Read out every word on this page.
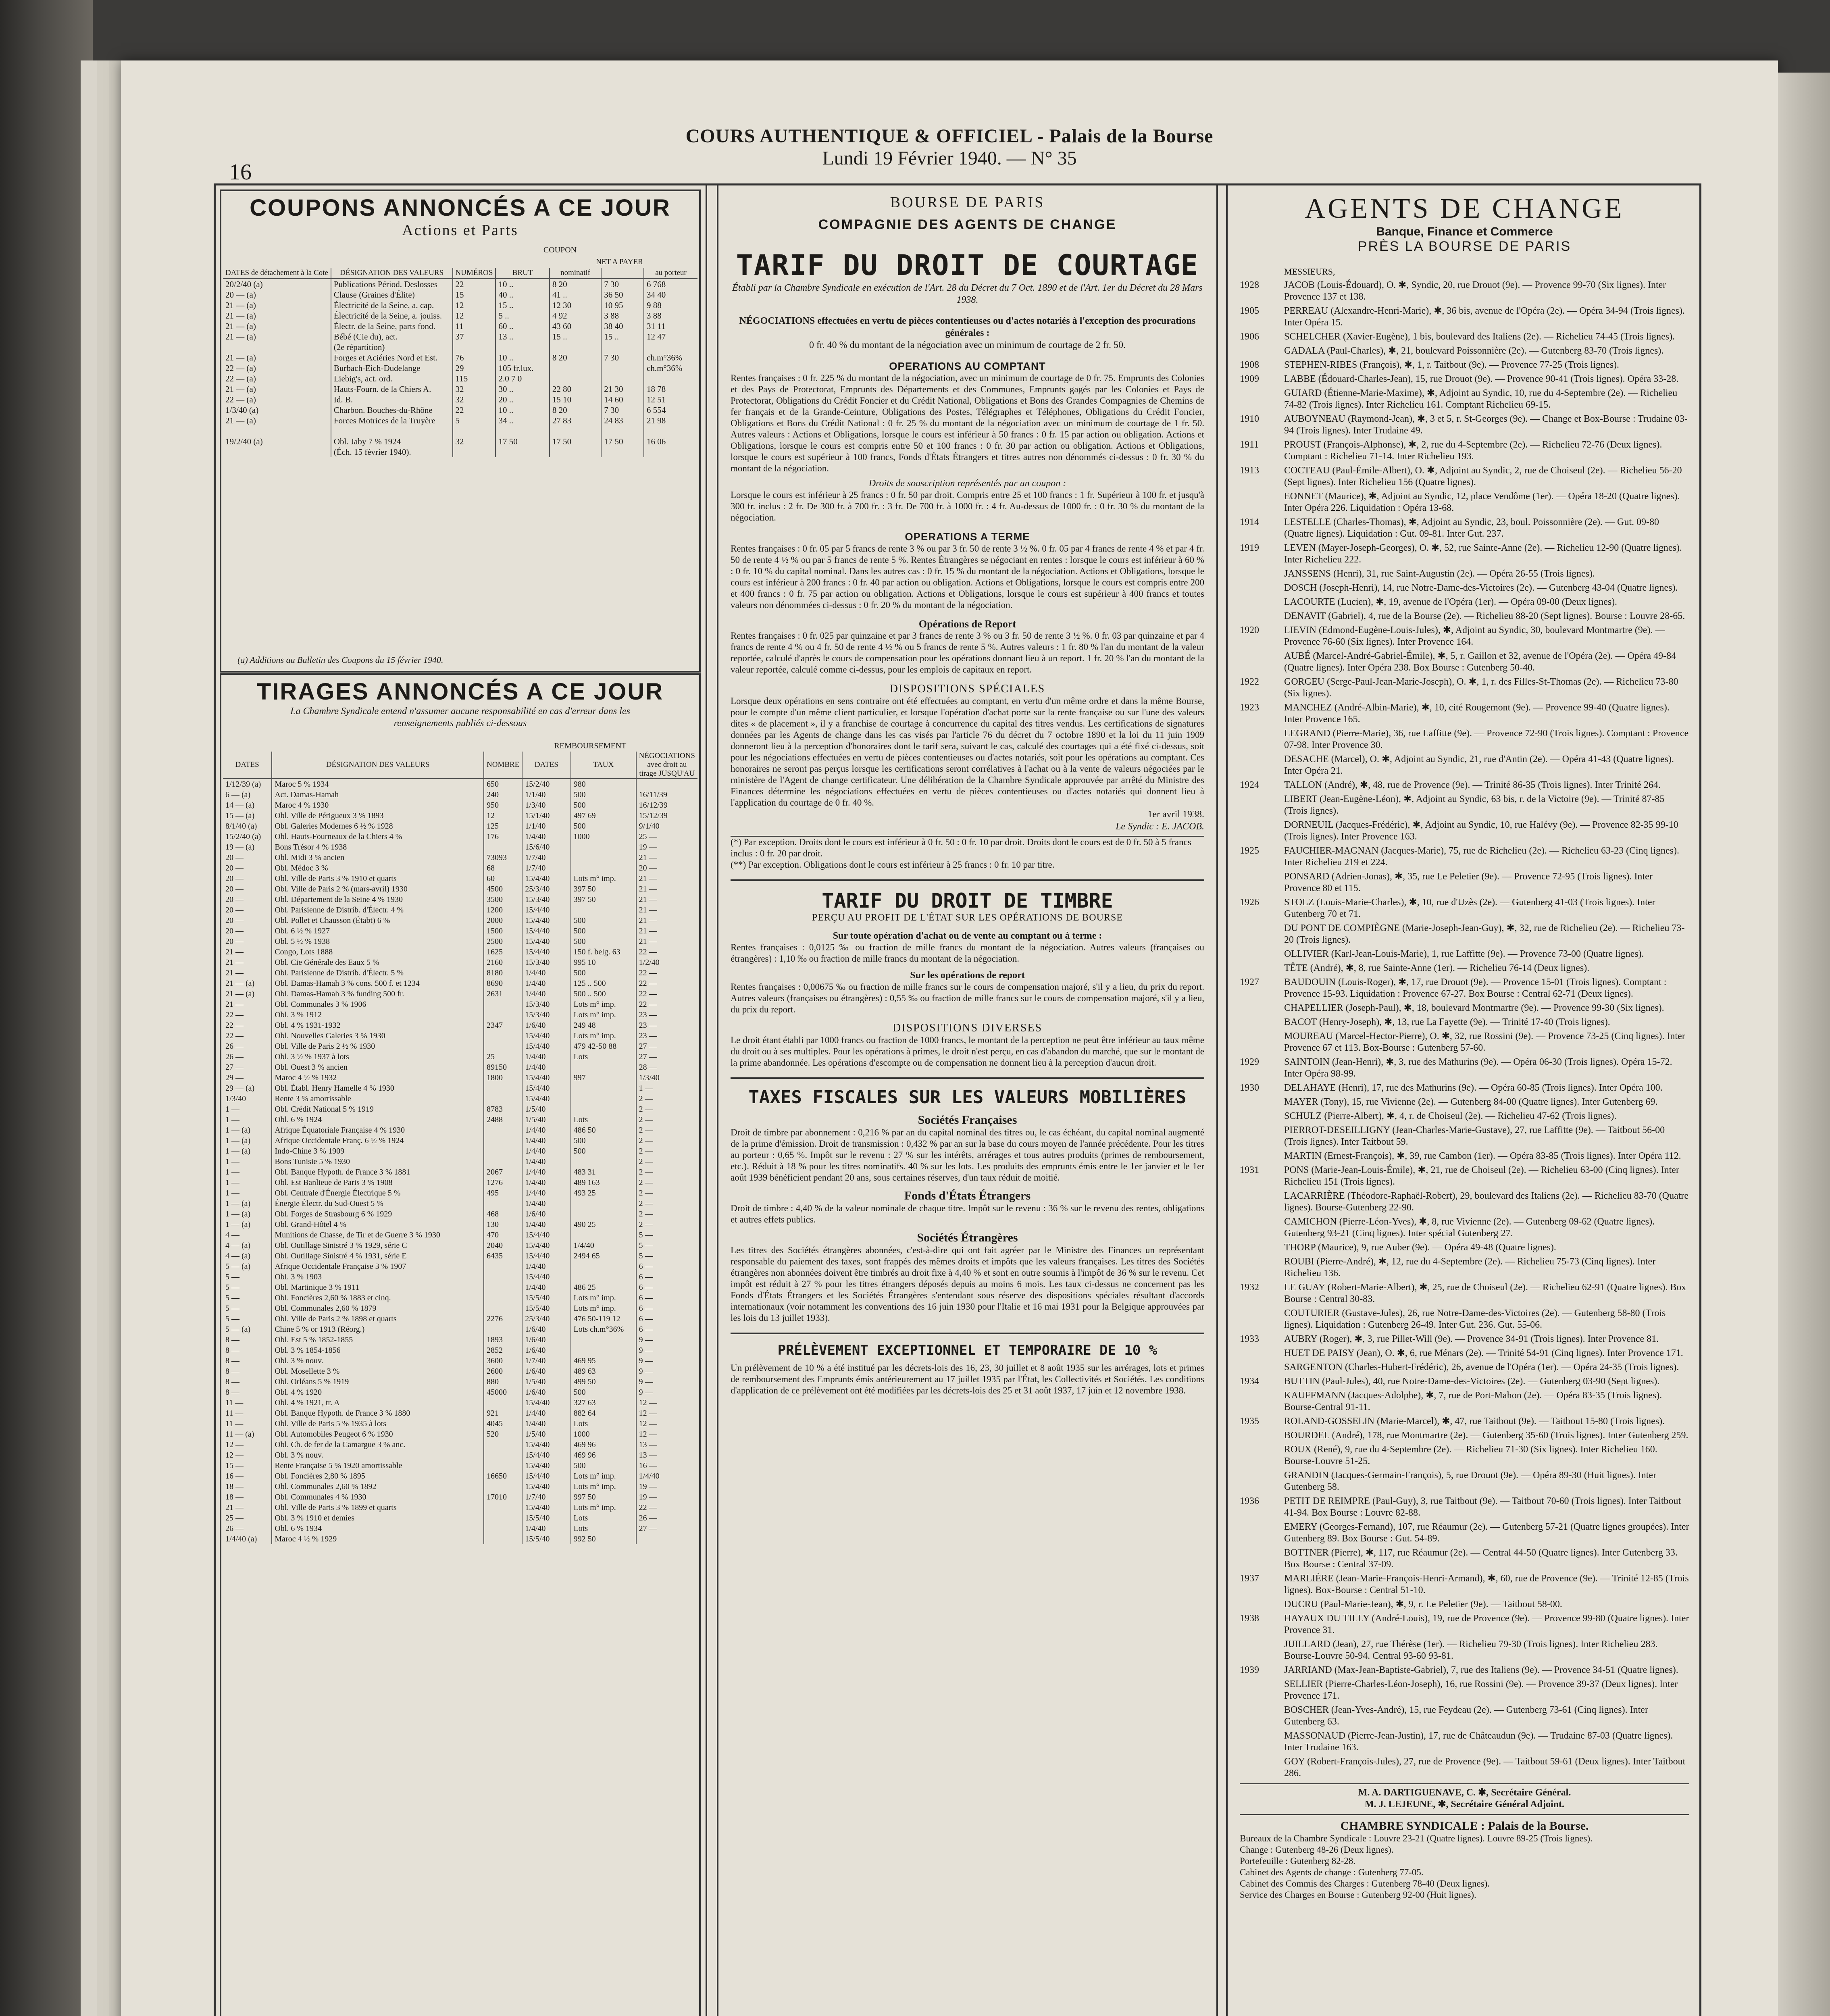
COURS AUTHENTIQUE & OFFICIEL - Palais de la Bourse
Lundi 19 Février 1940. — N° 35
16
COUPONS ANNONCÉS A CE JOUR
Actions et Parts
COUPON
NET A PAYER
DATES de détachement à la Cote	DÉSIGNATION DES VALEURS	NUMÉROS	BRUT	nominatif		au porteur
20/2/40 (a)	Publications Périod. Deslosses	22	10 ..	8 20	7 30	6 768
20 — (a)	Clause (Graines d'Élite)	15	40 ..	41 ..	36 50	34 40
21 — (a)	Électricité de la Seine, a. cap.	12	15 ..	12 30	10 95	9 88
21 — (a)	Électricité de la Seine, a. jouiss.	12	5 ..	4 92	3 88	3 88
21 — (a)	Électr. de la Seine, parts fond.	11	60 ..	43 60	38 40	31 11
21 — (a)	Bébé (Cie du), act.	37	13 ..	15 ..	15 ..	12 47
	(2e répartition)					
21 — (a)	Forges et Aciéries Nord et Est.	76	10 ..	8 20	7 30	ch.m°36%
22 — (a)	Burbach-Eich-Dudelange	29	105 fr.lux.			ch.m°36%
22 — (a)	Liebig's, act. ord.	115	2.0 7 0			
21 — (a)	Hauts-Fourn. de la Chiers A.	32	30 ..	22 80	21 30	18 78
22 — (a)	Id. B.	32	20 ..	15 10	14 60	12 51
1/3/40 (a)	Charbon. Bouches-du-Rhône	22	10 ..	8 20	7 30	6 554
21 — (a)	Forces Motrices de la Truyère	5	34 ..	27 83	24 83	21 98

19/2/40 (a)	Obl. Jaby 7 % 1924	32	17 50	17 50	17 50	16 06
	(Éch. 15 février 1940).					
(a) Additions au Bulletin des Coupons du 15 février 1940.
TIRAGES ANNONCÉS A CE JOUR
La Chambre Syndicale entend n'assumer aucune responsabilité en cas d'erreur dans les renseignements publiés ci-dessous
REMBOURSEMENT
DATES	DÉSIGNATION DES VALEURS	NOMBRE	DATES	TAUX	NÉGOCIATIONS avec droit au tirage JUSQU'AU
1/12/39 (a)	Maroc 5 % 1934	650	15/2/40	980	
6 — (a)	Act. Damas-Hamah	240	1/1/40	500	16/11/39
14 — (a)	Maroc 4 % 1930	950	1/3/40	500	16/12/39
15 — (a)	Obl. Ville de Périgueux 3 % 1893	12	15/1/40	497 69	15/12/39
8/1/40 (a)	Obl. Galeries Modernes 6 ½ % 1928	125	1/1/40	500	9/1/40
15/2/40 (a)	Obl. Hauts-Fourneaux de la Chiers 4 %	176	1/4/40	1000	25 —
19 — (a)	Bons Trésor 4 % 1938		15/6/40		19 —
20 —	Obl. Midi 3 % ancien	73093	1/7/40		21 —
20 —	Obl. Médoc 3 %	68	1/7/40		20 —
20 —	Obl. Ville de Paris 3 % 1910 et quarts	60	15/4/40	Lots m° imp.	21 —
20 —	Obl. Ville de Paris 2 % (mars-avril) 1930	4500	25/3/40	397 50	21 —
20 —	Obl. Département de la Seine 4 % 1930	3500	15/3/40	397 50	21 —
20 —	Obl. Parisienne de Distrib. d'Électr. 4 %	1200	15/4/40		21 —
20 —	Obl. Pollet et Chausson (Étabt) 6 %	2000	15/4/40	500	21 —
20 —	Obl. 6 ½ % 1927	1500	15/4/40	500	21 —
20 —	Obl. 5 ½ % 1938	2500	15/4/40	500	21 —
21 —	Congo, Lots 1888	1625	15/4/40	150 f. belg. 63	22 —
21 —	Obl. Cie Générale des Eaux 5 %	2160	15/3/40	995 10	1/2/40
21 —	Obl. Parisienne de Distrib. d'Électr. 5 %	8180	1/4/40	500	22 —
21 — (a)	Obl. Damas-Hamah 3 % cons. 500 f. et 1234	8690	1/4/40	125 .. 500	22 —
21 — (a)	Obl. Damas-Hamah 3 % funding 500 fr.	2631	1/4/40	500 .. 500	22 —
21 —	Obl. Communales 3 % 1906		15/3/40	Lots m° imp.	22 —
22 —	Obl. 3 % 1912		15/3/40	Lots m° imp.	23 —
22 —	Obl. 4 % 1931-1932	2347	1/6/40	249 48	23 —
22 —	Obl. Nouvelles Galeries 3 % 1930		15/4/40	Lots m° imp.	23 —
26 —	Obl. Ville de Paris 2 ½ % 1930		15/4/40	479 42-50 88	27 —
26 —	Obl. 3 ½ % 1937 à lots	25	1/4/40	Lots	27 —
27 —	Obl. Ouest 3 % ancien	89150	1/4/40		28 —
29 —	Maroc 4 ½ % 1932	1800	15/4/40	997	1/3/40
29 — (a)	Obl. Établ. Henry Hamelle 4 % 1930		15/4/40		1 —
1/3/40	Rente 3 % amortissable		15/4/40		2 —
1 —	Obl. Crédit National 5 % 1919	8783	1/5/40		2 —
1 —	Obl. 6 % 1924	2488	1/5/40	Lots	2 —
1 — (a)	Afrique Équatoriale Française 4 % 1930		1/4/40	486 50	2 —
1 — (a)	Afrique Occidentale Franç. 6 ½ % 1924		1/4/40	500	2 —
1 — (a)	Indo-Chine 3 % 1909		1/4/40	500	2 —
1 —	Bons Tunisie 5 % 1930		1/4/40		2 —
1 —	Obl. Banque Hypoth. de France 3 % 1881	2067	1/4/40	483 31	2 —
1 —	Obl. Est Banlieue de Paris 3 % 1908	1276	1/4/40	489 163	2 —
1 —	Obl. Centrale d'Énergie Électrique 5 %	495	1/4/40	493 25	2 —
1 — (a)	Énergie Électr. du Sud-Ouest 5 %		1/4/40		2 —
1 — (a)	Obl. Forges de Strasbourg 6 % 1929	468	1/6/40		2 —
1 — (a)	Obl. Grand-Hôtel 4 %	130	1/4/40	490 25	2 —
4 —	Munitions de Chasse, de Tir et de Guerre 3 % 1930	470	15/4/40		5 —
4 — (a)	Obl. Outillage Sinistré 3 % 1929, série C	2040	15/4/40	1/4/40	5 —
4 — (a)	Obl. Outillage Sinistré 4 % 1931, série E	6435	15/4/40	2494 65	5 —
5 — (a)	Afrique Occidentale Française 3 % 1907		1/4/40		6 —
5 —	Obl. 3 % 1903		15/4/40		6 —
5 —	Obl. Martinique 3 % 1911		1/4/40	486 25	6 —
5 —	Obl. Foncières 2,60 % 1883 et cinq.		15/5/40	Lots m° imp.	6 —
5 —	Obl. Communales 2,60 % 1879		15/5/40	Lots m° imp.	6 —
5 —	Obl. Ville de Paris 2 % 1898 et quarts	2276	25/3/40	476 50-119 12	6 —
5 — (a)	Chine 5 % or 1913 (Réorg.)		1/6/40	Lots ch.m°36%	6 —
8 —	Obl. Est 5 % 1852-1855	1893	1/6/40		9 —
8 —	Obl. 3 % 1854-1856	2852	1/6/40		9 —
8 —	Obl. 3 % nouv.	3600	1/7/40	469 95	9 —
8 —	Obl. Mosellette 3 %	2600	1/6/40	489 63	9 —
8 —	Obl. Orléans 5 % 1919	880	1/5/40	499 50	9 —
8 —	Obl. 4 % 1920	45000	1/6/40	500	9 —
11 —	Obl. 4 % 1921, tr. A		15/4/40	327 63	12 —
11 —	Obl. Banque Hypoth. de France 3 % 1880	921	1/4/40	882 64	12 —
11 —	Obl. Ville de Paris 5 % 1935 à lots	4045	1/4/40	Lots	12 —
11 — (a)	Obl. Automobiles Peugeot 6 % 1930	520	1/5/40	1000	12 —
12 —	Obl. Ch. de fer de la Camargue 3 % anc.		15/4/40	469 96	13 —
12 —	Obl. 3 % nouv.		15/4/40	469 96	13 —
15 —	Rente Française 5 % 1920 amortissable		15/4/40	500	16 —
16 —	Obl. Foncières 2,80 % 1895	16650	15/4/40	Lots m° imp.	1/4/40
18 —	Obl. Communales 2,60 % 1892		15/4/40	Lots m° imp.	19 —
18 —	Obl. Communales 4 % 1930	17010	1/7/40	997 50	19 —
21 —	Obl. Ville de Paris 3 % 1899 et quarts		15/4/40	Lots m° imp.	22 —
25 —	Obl. 3 % 1910 et demies		15/5/40	Lots	26 —
26 —	Obl. 6 % 1934		1/4/40	Lots	27 —
1/4/40 (a)	Maroc 4 ½ % 1929		15/5/40	992 50	
BOURSE DE PARIS
COMPAGNIE DES AGENTS DE CHANGE
TARIF DU DROIT DE COURTAGE
Établi par la Chambre Syndicale en exécution de l'Art. 28 du Décret du 7 Oct. 1890 et de l'Art. 1er du Décret du 28 Mars 1938.
NÉGOCIATIONS effectuées en vertu de pièces contentieuses ou d'actes notariés à l'exception des procurations générales :
0 fr. 40 % du montant de la négociation avec un minimum de courtage de 2 fr. 50.
OPERATIONS AU COMPTANT
Rentes françaises : 0 fr. 225 % du montant de la négociation, avec un minimum de courtage de 0 fr. 75. Emprunts des Colonies et des Pays de Protectorat, Emprunts des Départements et des Communes, Emprunts gagés par les Colonies et Pays de Protectorat, Obligations du Crédit Foncier et du Crédit National, Obligations et Bons des Grandes Compagnies de Chemins de fer français et de la Grande-Ceinture, Obligations des Postes, Télégraphes et Téléphones, Obligations du Crédit Foncier, Obligations et Bons du Crédit National : 0 fr. 25 % du montant de la négociation avec un minimum de courtage de 1 fr. 50. Autres valeurs : Actions et Obligations, lorsque le cours est inférieur à 50 francs : 0 fr. 15 par action ou obligation. Actions et Obligations, lorsque le cours est compris entre 50 et 100 francs : 0 fr. 30 par action ou obligation. Actions et Obligations, lorsque le cours est supérieur à 100 francs, Fonds d'États Étrangers et titres autres non dénommés ci-dessus : 0 fr. 30 % du montant de la négociation.
Droits de souscription représentés par un coupon :
Lorsque le cours est inférieur à 25 francs : 0 fr. 50 par droit. Compris entre 25 et 100 francs : 1 fr. Supérieur à 100 fr. et jusqu'à 300 fr. inclus : 2 fr. De 300 fr. à 700 fr. : 3 fr. De 700 fr. à 1000 fr. : 4 fr. Au-dessus de 1000 fr. : 0 fr. 30 % du montant de la négociation.
OPERATIONS A TERME
Rentes françaises : 0 fr. 05 par 5 francs de rente 3 % ou par 3 fr. 50 de rente 3 ½ %. 0 fr. 05 par 4 francs de rente 4 % et par 4 fr. 50 de rente 4 ½ % ou par 5 francs de rente 5 %. Rentes Étrangères se négociant en rentes : lorsque le cours est inférieur à 60 % : 0 fr. 10 % du capital nominal. Dans les autres cas : 0 fr. 15 % du montant de la négociation. Actions et Obligations, lorsque le cours est inférieur à 200 francs : 0 fr. 40 par action ou obligation. Actions et Obligations, lorsque le cours est compris entre 200 et 400 francs : 0 fr. 75 par action ou obligation. Actions et Obligations, lorsque le cours est supérieur à 400 francs et toutes valeurs non dénommées ci-dessus : 0 fr. 20 % du montant de la négociation.
Opérations de Report
Rentes françaises : 0 fr. 025 par quinzaine et par 3 francs de rente 3 % ou 3 fr. 50 de rente 3 ½ %. 0 fr. 03 par quinzaine et par 4 francs de rente 4 % ou 4 fr. 50 de rente 4 ½ % ou 5 francs de rente 5 %. Autres valeurs : 1 fr. 80 % l'an du montant de la valeur reportée, calculé d'après le cours de compensation pour les opérations donnant lieu à un report. 1 fr. 20 % l'an du montant de la valeur reportée, calculé comme ci-dessus, pour les emplois de capitaux en report.
DISPOSITIONS SPÉCIALES
Lorsque deux opérations en sens contraire ont été effectuées au comptant, en vertu d'un même ordre et dans la même Bourse, pour le compte d'un même client particulier, et lorsque l'opération d'achat porte sur la rente française ou sur l'une des valeurs dites « de placement », il y a franchise de courtage à concurrence du capital des titres vendus. Les certifications de signatures données par les Agents de change dans les cas visés par l'article 76 du décret du 7 octobre 1890 et la loi du 11 juin 1909 donneront lieu à la perception d'honoraires dont le tarif sera, suivant le cas, calculé des courtages qui a été fixé ci-dessus, soit pour les négociations effectuées en vertu de pièces contentieuses ou d'actes notariés, soit pour les opérations au comptant. Ces honoraires ne seront pas perçus lorsque les certifications seront corrélatives à l'achat ou à la vente de valeurs négociées par le ministère de l'Agent de change certificateur. Une délibération de la Chambre Syndicale approuvée par arrêté du Ministre des Finances détermine les négociations effectuées en vertu de pièces contentieuses ou d'actes notariés qui donnent lieu à l'application du courtage de 0 fr. 40 %.
1er avril 1938.
Le Syndic : E. JACOB.
(*) Par exception. Droits dont le cours est inférieur à 0 fr. 50 : 0 fr. 10 par droit. Droits dont le cours est de 0 fr. 50 à 5 francs inclus : 0 fr. 20 par droit.
(**) Par exception. Obligations dont le cours est inférieur à 25 francs : 0 fr. 10 par titre.
TARIF DU DROIT DE TIMBRE
PERÇU AU PROFIT DE L'ÉTAT SUR LES OPÉRATIONS DE BOURSE
Sur toute opération d'achat ou de vente au comptant ou à terme :
Rentes françaises : 0,0125 ‰ ou fraction de mille francs du montant de la négociation. Autres valeurs (françaises ou étrangères) : 1,10 ‰ ou fraction de mille francs du montant de la négociation.
Sur les opérations de report
Rentes françaises : 0,00675 ‰ ou fraction de mille francs sur le cours de compensation majoré, s'il y a lieu, du prix du report. Autres valeurs (françaises ou étrangères) : 0,55 ‰ ou fraction de mille francs sur le cours de compensation majoré, s'il y a lieu, du prix du report.
DISPOSITIONS DIVERSES
Le droit étant établi par 1000 francs ou fraction de 1000 francs, le montant de la perception ne peut être inférieur au taux même du droit ou à ses multiples. Pour les opérations à primes, le droit n'est perçu, en cas d'abandon du marché, que sur le montant de la prime abandonnée. Les opérations d'escompte ou de compensation ne donnent lieu à la perception d'aucun droit.
TAXES FISCALES SUR LES VALEURS MOBILIÈRES
Sociétés Françaises
Droit de timbre par abonnement : 0,216 % par an du capital nominal des titres ou, le cas échéant, du capital nominal augmenté de la prime d'émission. Droit de transmission : 0,432 % par an sur la base du cours moyen de l'année précédente. Pour les titres au porteur : 0,65 %. Impôt sur le revenu : 27 % sur les intérêts, arrérages et tous autres produits (primes de remboursement, etc.). Réduit à 18 % pour les titres nominatifs. 40 % sur les lots. Les produits des emprunts émis entre le 1er janvier et le 1er août 1939 bénéficient pendant 20 ans, sous certaines réserves, d'un taux réduit de moitié.
Fonds d'États Étrangers
Droit de timbre : 4,40 % de la valeur nominale de chaque titre. Impôt sur le revenu : 36 % sur le revenu des rentes, obligations et autres effets publics.
Sociétés Étrangères
Les titres des Sociétés étrangères abonnées, c'est-à-dire qui ont fait agréer par le Ministre des Finances un représentant responsable du paiement des taxes, sont frappés des mêmes droits et impôts que les valeurs françaises. Les titres des Sociétés étrangères non abonnées doivent être timbrés au droit fixe à 4,40 % et sont en outre soumis à l'impôt de 36 % sur le revenu. Cet impôt est réduit à 27 % pour les titres étrangers déposés depuis au moins 6 mois. Les taux ci-dessus ne concernent pas les Fonds d'États Étrangers et les Sociétés Étrangères s'entendant sous réserve des dispositions spéciales résultant d'accords internationaux (voir notamment les conventions des 16 juin 1930 pour l'Italie et 16 mai 1931 pour la Belgique approuvées par les lois du 13 juillet 1933).
PRÉLÈVEMENT EXCEPTIONNEL ET TEMPORAIRE DE 10 %
Un prélèvement de 10 % a été institué par les décrets-lois des 16, 23, 30 juillet et 8 août 1935 sur les arrérages, lots et primes de remboursement des Emprunts émis antérieurement au 17 juillet 1935 par l'État, les Collectivités et Sociétés. Les conditions d'application de ce prélèvement ont été modifiées par les décrets-lois des 25 et 31 août 1937, 17 juin et 12 novembre 1938.
AGENTS DE CHANGE
Banque, Finance et Commerce
PRÈS LA BOURSE DE PARIS
MESSIEURS,
1928	JACOB (Louis-Édouard), O. ✱, Syndic, 20, rue Drouot (9e). — Provence 99-70 (Six lignes). Inter Provence 137 et 138.
1905	PERREAU (Alexandre-Henri-Marie), ✱, 36 bis, avenue de l'Opéra (2e). — Opéra 34-94 (Trois lignes). Inter Opéra 15.
1906	SCHELCHER (Xavier-Eugène), 1 bis, boulevard des Italiens (2e). — Richelieu 74-45 (Trois lignes).
GADALA (Paul-Charles), ✱, 21, boulevard Poissonnière (2e). — Gutenberg 83-70 (Trois lignes).
1908	STEPHEN-RIBES (François), ✱, 1, r. Taitbout (9e). — Provence 77-25 (Trois lignes).
1909	LABBE (Édouard-Charles-Jean), 15, rue Drouot (9e). — Provence 90-41 (Trois lignes). Opéra 33-28.
GUIARD (Étienne-Marie-Maxime), ✱, Adjoint au Syndic, 10, rue du 4-Septembre (2e). — Richelieu 74-82 (Trois lignes). Inter Richelieu 161. Comptant Richelieu 69-15.
1910	AUBOYNEAU (Raymond-Jean), ✱, 3 et 5, r. St-Georges (9e). — Change et Box-Bourse : Trudaine 03-94 (Trois lignes). Inter Trudaine 49.
1911	PROUST (François-Alphonse), ✱, 2, rue du 4-Septembre (2e). — Richelieu 72-76 (Deux lignes). Comptant : Richelieu 71-14. Inter Richelieu 193.
1913	COCTEAU (Paul-Émile-Albert), O. ✱, Adjoint au Syndic, 2, rue de Choiseul (2e). — Richelieu 56-20 (Sept lignes). Inter Richelieu 156 (Quatre lignes).
EONNET (Maurice), ✱, Adjoint au Syndic, 12, place Vendôme (1er). — Opéra 18-20 (Quatre lignes). Inter Opéra 226. Liquidation : Opéra 13-68.
1914	LESTELLE (Charles-Thomas), ✱, Adjoint au Syndic, 23, boul. Poissonnière (2e). — Gut. 09-80 (Quatre lignes). Liquidation : Gut. 09-81. Inter Gut. 237.
1919	LEVEN (Mayer-Joseph-Georges), O. ✱, 52, rue Sainte-Anne (2e). — Richelieu 12-90 (Quatre lignes). Inter Richelieu 222.
JANSSENS (Henri), 31, rue Saint-Augustin (2e). — Opéra 26-55 (Trois lignes).
DOSCH (Joseph-Henri), 14, rue Notre-Dame-des-Victoires (2e). — Gutenberg 43-04 (Quatre lignes).
LACOURTE (Lucien), ✱, 19, avenue de l'Opéra (1er). — Opéra 09-00 (Deux lignes).
DENAVIT (Gabriel), 4, rue de la Bourse (2e). — Richelieu 88-20 (Sept lignes). Bourse : Louvre 28-65.
1920	LIEVIN (Edmond-Eugène-Louis-Jules), ✱, Adjoint au Syndic, 30, boulevard Montmartre (9e). — Provence 76-60 (Six lignes). Inter Provence 164.
AUBÉ (Marcel-André-Gabriel-Émile), ✱, 5, r. Gaillon et 32, avenue de l'Opéra (2e). — Opéra 49-84 (Quatre lignes). Inter Opéra 238. Box Bourse : Gutenberg 50-40.
1922	GORGEU (Serge-Paul-Jean-Marie-Joseph), O. ✱, 1, r. des Filles-St-Thomas (2e). — Richelieu 73-80 (Six lignes).
1923	MANCHEZ (André-Albin-Marie), ✱, 10, cité Rougemont (9e). — Provence 99-40 (Quatre lignes). Inter Provence 165.
LEGRAND (Pierre-Marie), 36, rue Laffitte (9e). — Provence 72-90 (Trois lignes). Comptant : Provence 07-98. Inter Provence 30.
DESACHE (Marcel), O. ✱, Adjoint au Syndic, 21, rue d'Antin (2e). — Opéra 41-43 (Quatre lignes). Inter Opéra 21.
1924	TALLON (André), ✱, 48, rue de Provence (9e). — Trinité 86-35 (Trois lignes). Inter Trinité 264.
LIBERT (Jean-Eugène-Léon), ✱, Adjoint au Syndic, 63 bis, r. de la Victoire (9e). — Trinité 87-85 (Trois lignes).
DORNEUIL (Jacques-Frédéric), ✱, Adjoint au Syndic, 10, rue Halévy (9e). — Provence 82-35 99-10 (Trois lignes). Inter Provence 163.
1925	FAUCHIER-MAGNAN (Jacques-Marie), 75, rue de Richelieu (2e). — Richelieu 63-23 (Cinq lignes). Inter Richelieu 219 et 224.
PONSARD (Adrien-Jonas), ✱, 35, rue Le Peletier (9e). — Provence 72-95 (Trois lignes). Inter Provence 80 et 115.
1926	STOLZ (Louis-Marie-Charles), ✱, 10, rue d'Uzès (2e). — Gutenberg 41-03 (Trois lignes). Inter Gutenberg 70 et 71.
DU PONT DE COMPIÈGNE (Marie-Joseph-Jean-Guy), ✱, 32, rue de Richelieu (2e). — Richelieu 73-20 (Trois lignes).
OLLIVIER (Karl-Jean-Louis-Marie), 1, rue Laffitte (9e). — Provence 73-00 (Quatre lignes).
TÊTE (André), ✱, 8, rue Sainte-Anne (1er). — Richelieu 76-14 (Deux lignes).
1927	BAUDOUIN (Louis-Roger), ✱, 17, rue Drouot (9e). — Provence 15-01 (Trois lignes). Comptant : Provence 15-93. Liquidation : Provence 67-27. Box Bourse : Central 62-71 (Deux lignes).
CHAPELLIER (Joseph-Paul), ✱, 18, boulevard Montmartre (9e). — Provence 99-30 (Six lignes).
BACOT (Henry-Joseph), ✱, 13, rue La Fayette (9e). — Trinité 17-40 (Trois lignes).
MOUREAU (Marcel-Hector-Pierre), O. ✱, 32, rue Rossini (9e). — Provence 73-25 (Cinq lignes). Inter Provence 67 et 113. Box-Bourse : Gutenberg 57-60.
1929	SAINTOIN (Jean-Henri), ✱, 3, rue des Mathurins (9e). — Opéra 06-30 (Trois lignes). Opéra 15-72. Inter Opéra 98-99.
1930	DELAHAYE (Henri), 17, rue des Mathurins (9e). — Opéra 60-85 (Trois lignes). Inter Opéra 100.
MAYER (Tony), 15, rue Vivienne (2e). — Gutenberg 84-00 (Quatre lignes). Inter Gutenberg 69.
SCHULZ (Pierre-Albert), ✱, 4, r. de Choiseul (2e). — Richelieu 47-62 (Trois lignes).
PIERROT-DESEILLIGNY (Jean-Charles-Marie-Gustave), 27, rue Laffitte (9e). — Taitbout 56-00 (Trois lignes). Inter Taitbout 59.
MARTIN (Ernest-François), ✱, 39, rue Cambon (1er). — Opéra 83-85 (Trois lignes). Inter Opéra 112.
1931	PONS (Marie-Jean-Louis-Émile), ✱, 21, rue de Choiseul (2e). — Richelieu 63-00 (Cinq lignes). Inter Richelieu 151 (Trois lignes).
LACARRIÈRE (Théodore-Raphaël-Robert), 29, boulevard des Italiens (2e). — Richelieu 83-70 (Quatre lignes). Bourse-Gutenberg 22-90.
CAMICHON (Pierre-Léon-Yves), ✱, 8, rue Vivienne (2e). — Gutenberg 09-62 (Quatre lignes). Gutenberg 93-21 (Cinq lignes). Inter spécial Gutenberg 27.
THORP (Maurice), 9, rue Auber (9e). — Opéra 49-48 (Quatre lignes).
ROUBI (Pierre-André), ✱, 12, rue du 4-Septembre (2e). — Richelieu 75-73 (Cinq lignes). Inter Richelieu 136.
1932	LE GUAY (Robert-Marie-Albert), ✱, 25, rue de Choiseul (2e). — Richelieu 62-91 (Quatre lignes). Box Bourse : Central 30-83.
COUTURIER (Gustave-Jules), 26, rue Notre-Dame-des-Victoires (2e). — Gutenberg 58-80 (Trois lignes). Liquidation : Gutenberg 26-49. Inter Gut. 236. Gut. 55-06.
1933	AUBRY (Roger), ✱, 3, rue Pillet-Will (9e). — Provence 34-91 (Trois lignes). Inter Provence 81.
HUET DE PAISY (Jean), O. ✱, 6, rue Ménars (2e). — Trinité 54-91 (Cinq lignes). Inter Provence 171.
SARGENTON (Charles-Hubert-Frédéric), 26, avenue de l'Opéra (1er). — Opéra 24-35 (Trois lignes).
1934	BUTTIN (Paul-Jules), 40, rue Notre-Dame-des-Victoires (2e). — Gutenberg 03-90 (Sept lignes).
KAUFFMANN (Jacques-Adolphe), ✱, 7, rue de Port-Mahon (2e). — Opéra 83-35 (Trois lignes). Bourse-Central 91-11.
1935	ROLAND-GOSSELIN (Marie-Marcel), ✱, 47, rue Taitbout (9e). — Taitbout 15-80 (Trois lignes).
BOURDEL (André), 178, rue Montmartre (2e). — Gutenberg 35-60 (Trois lignes). Inter Gutenberg 259.
ROUX (René), 9, rue du 4-Septembre (2e). — Richelieu 71-30 (Six lignes). Inter Richelieu 160. Bourse-Louvre 51-25.
GRANDIN (Jacques-Germain-François), 5, rue Drouot (9e). — Opéra 89-30 (Huit lignes). Inter Gutenberg 58.
1936	PETIT DE REIMPRE (Paul-Guy), 3, rue Taitbout (9e). — Taitbout 70-60 (Trois lignes). Inter Taitbout 41-94. Box Bourse : Louvre 82-88.
EMERY (Georges-Fernand), 107, rue Réaumur (2e). — Gutenberg 57-21 (Quatre lignes groupées). Inter Gutenberg 89. Box Bourse : Gut. 54-89.
BOTTNER (Pierre), ✱, 117, rue Réaumur (2e). — Central 44-50 (Quatre lignes). Inter Gutenberg 33. Box Bourse : Central 37-09.
1937	MARLIÈRE (Jean-Marie-François-Henri-Armand), ✱, 60, rue de Provence (9e). — Trinité 12-85 (Trois lignes). Box-Bourse : Central 51-10.
DUCRU (Paul-Marie-Jean), ✱, 9, r. Le Peletier (9e). — Taitbout 58-00.
1938	HAYAUX DU TILLY (André-Louis), 19, rue de Provence (9e). — Provence 99-80 (Quatre lignes). Inter Provence 31.
JUILLARD (Jean), 27, rue Thérèse (1er). — Richelieu 79-30 (Trois lignes). Inter Richelieu 283. Bourse-Louvre 50-94. Central 93-60 93-81.
1939	JARRIAND (Max-Jean-Baptiste-Gabriel), 7, rue des Italiens (9e). — Provence 34-51 (Quatre lignes).
SELLIER (Pierre-Charles-Léon-Joseph), 16, rue Rossini (9e). — Provence 39-37 (Deux lignes). Inter Provence 171.
BOSCHER (Jean-Yves-André), 15, rue Feydeau (2e). — Gutenberg 73-61 (Cinq lignes). Inter Gutenberg 63.
MASSONAUD (Pierre-Jean-Justin), 17, rue de Châteaudun (9e). — Trudaine 87-03 (Quatre lignes). Inter Trudaine 163.
GOY (Robert-François-Jules), 27, rue de Provence (9e). — Taitbout 59-61 (Deux lignes). Inter Taitbout 286.
M. A. DARTIGUENAVE, C. ✱, Secrétaire Général.
M. J. LEJEUNE, ✱, Secrétaire Général Adjoint.
CHAMBRE SYNDICALE : Palais de la Bourse.
Bureaux de la Chambre Syndicale : Louvre 23-21 (Quatre lignes). Louvre 89-25 (Trois lignes).
Change : Gutenberg 48-26 (Deux lignes).
Portefeuille : Gutenberg 82-28.
Cabinet des Agents de change : Gutenberg 77-05.
Cabinet des Commis des Charges : Gutenberg 78-40 (Deux lignes).
Service des Charges en Bourse : Gutenberg 92-00 (Huit lignes).
